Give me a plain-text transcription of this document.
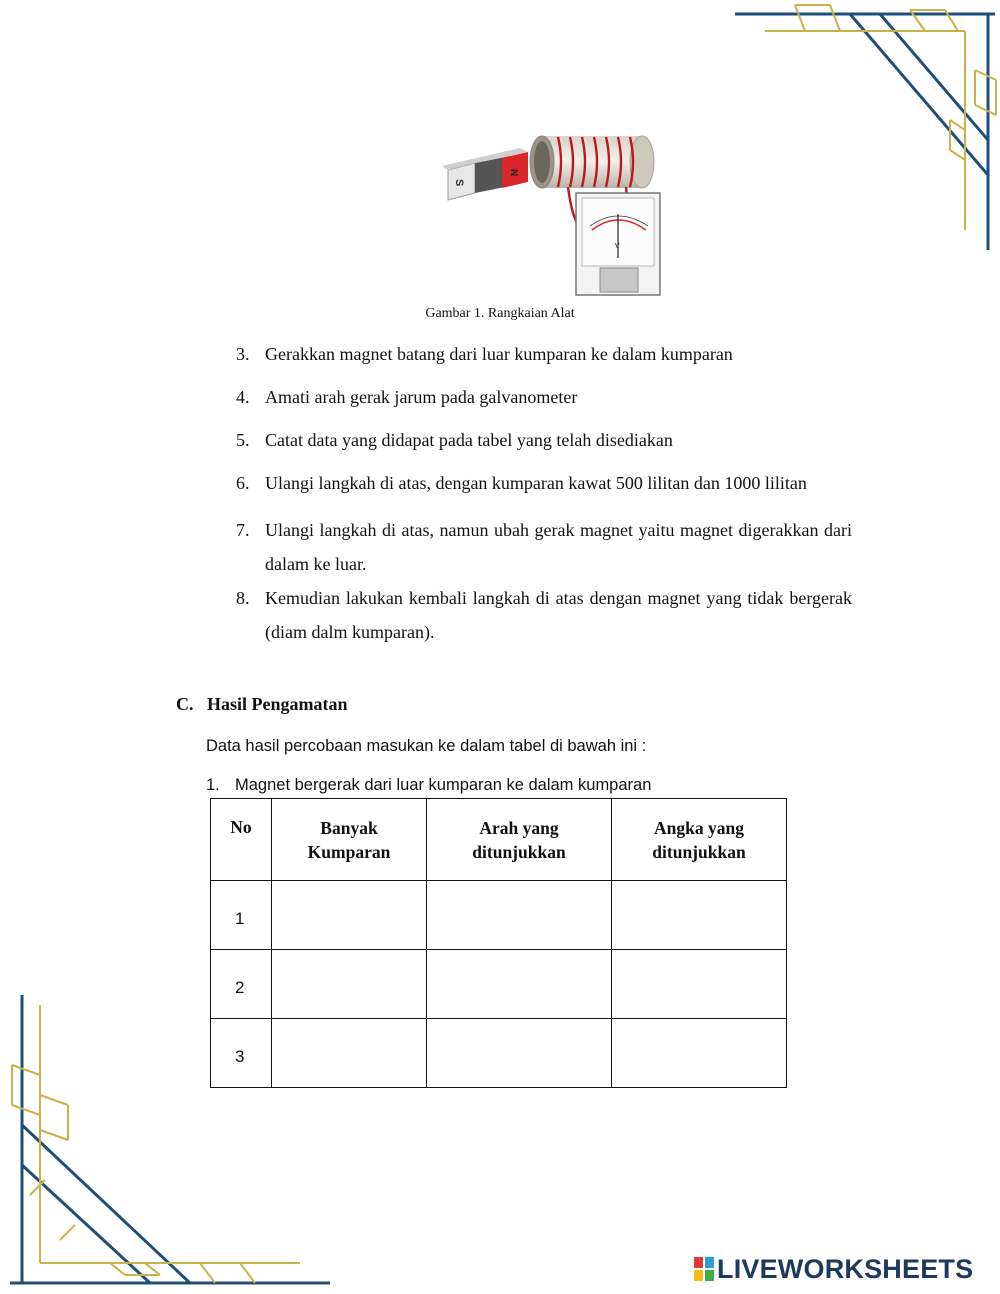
S
N
v
Gambar 1. Rangkaian Alat
3. Gerakkan magnet batang dari luar kumparan ke dalam kumparan
4. Amati arah gerak jarum pada galvanometer
5. Catat data yang didapat pada tabel yang telah disediakan
6. Ulangi langkah di atas, dengan kumparan kawat 500 lilitan dan 1000 lilitan
7. Ulangi langkah di atas, namun ubah gerak magnet yaitu magnet digerakkan dari dalam ke luar.
8. Kemudian lakukan kembali langkah di atas dengan magnet yang tidak bergerak (diam dalm kumparan).
C. Hasil Pengamatan
Data hasil percobaan masukan ke dalam tabel di bawah ini :
1. Magnet bergerak dari luar kumparan ke dalam kumparan
No	Banyak Kumparan	Arah yang ditunjukkan	Angka yang ditunjukkan

1			
2			
3			
LIVEWORKSHEETS
